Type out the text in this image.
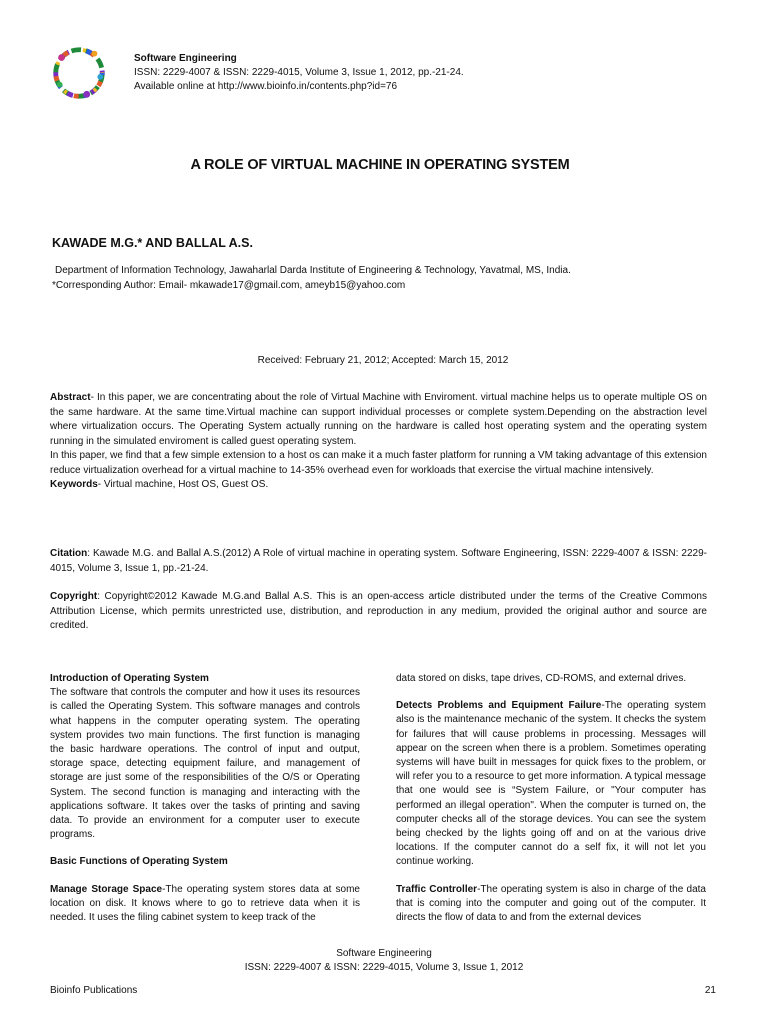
Software Engineering
ISSN: 2229-4007 & ISSN: 2229-4015, Volume 3, Issue 1, 2012, pp.-21-24.
Available online at http://www.bioinfo.in/contents.php?id=76
A ROLE OF VIRTUAL MACHINE IN OPERATING SYSTEM
KAWADE M.G.* AND BALLAL A.S.
Department of Information Technology, Jawaharlal Darda Institute of Engineering & Technology, Yavatmal, MS, India.
*Corresponding Author: Email- mkawade17@gmail.com, ameyb15@yahoo.com
Received: February 21, 2012; Accepted: March 15, 2012
Abstract- In this paper, we are concentrating about the role of Virtual Machine with Enviroment. virtual machine helps us to operate multiple OS on the same hardware. At the same time.Virtual machine can support individual processes or complete system.Depending on the abstraction level where virtualization occurs. The Operating System actually running on the hardware is called host operating system and the operating system running in the simulated enviroment is called guest operating system.
In this paper, we find that a few simple extension to a host os can make it a much faster platform for running a VM taking advantage of this extension reduce virtualization overhead for a virtual machine to 14-35% overhead even for workloads that exercise the virtual machine intensively.
Keywords- Virtual machine, Host OS, Guest OS.
Citation: Kawade M.G. and Ballal A.S.(2012) A Role of virtual machine in operating system. Software Engineering, ISSN: 2229-4007 & ISSN: 2229-4015, Volume 3, Issue 1, pp.-21-24.
Copyright: Copyright©2012 Kawade M.G.and Ballal A.S. This is an open-access article distributed under the terms of the Creative Commons Attribution License, which permits unrestricted use, distribution, and reproduction in any medium, provided the original author and source are credited.

Introduction of Operating System

The software that controls the computer and how it uses its resources is called the Operating System. This software manages and controls what happens in the computer operating system. The operating system provides two main functions. The first function is managing the basic hardware operations. The control of input and output, storage space, detecting equipment failure, and management of storage are just some of the responsibilities of the O/S or Operating System. The second function is managing and interacting with the applications software. It takes over the tasks of printing and saving data. To provide an environment for a computer user to execute programs.

Basic Functions of Operating System

Manage Storage Space-The operating system stores data at some location on disk. It knows where to go to retrieve data when it is needed. It uses the filing cabinet system to keep track of the

data stored on disks, tape drives, CD-ROMS, and external drives.

Detects Problems and Equipment Failure-The operating system also is the maintenance mechanic of the system. It checks the system for failures that will cause problems in processing. Messages will appear on the screen when there is a problem. Sometimes operating systems will have built in messages for quick fixes to the problem, or will refer you to a resource to get more information. A typical message that one would see is “System Failure, or "Your computer has performed an illegal operation". When the computer is turned on, the computer checks all of the storage devices. You can see the system being checked by the lights going off and on at the various drive locations. If the computer cannot do a self fix, it will not let you continue working.

Traffic Controller-The operating system is also in charge of the data that is coming into the computer and going out of the computer. It directs the flow of data to and from the external devices

Software Engineering
ISSN: 2229-4007 & ISSN: 2229-4015, Volume 3, Issue 1, 2012
Bioinfo Publications	21
